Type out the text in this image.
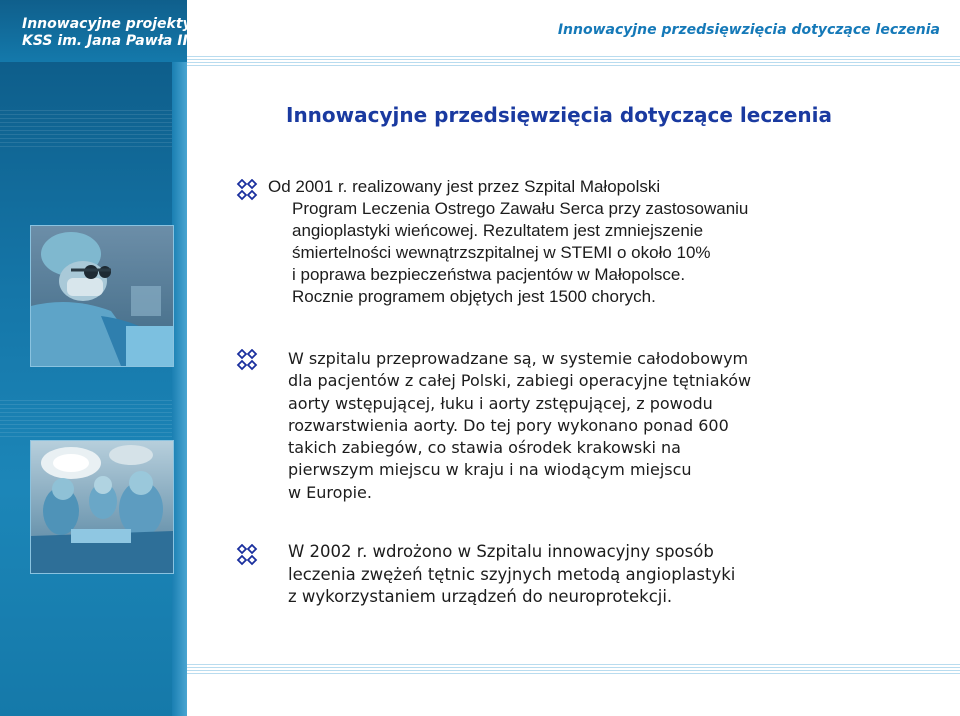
Innowacyjne projekty
KSS im. Jana Pawła II
Innowacyjne przedsięwzięcia dotyczące leczenia
Innowacyjne przedsięwzięcia dotyczące leczenia
Od 2001 r. realizowany jest przez Szpital Małopolski
Program Leczenia Ostrego Zawału Serca przy zastosowaniu
angioplastyki wieńcowej. Rezultatem jest zmniejszenie
śmiertelności wewnątrzszpitalnej w STEMI o około 10%
i poprawa bezpieczeństwa pacjentów w Małopolsce.
Rocznie programem objętych jest 1500 chorych.
W szpitalu przeprowadzane są, w systemie całodobowym
dla pacjentów z całej Polski, zabiegi operacyjne tętniaków
aorty wstępującej, łuku i aorty zstępującej, z powodu
rozwarstwienia aorty. Do tej pory wykonano ponad 600
takich zabiegów, co stawia ośrodek krakowski na
pierwszym miejscu w kraju i na wiodącym miejscu
w Europie.
W 2002 r. wdrożono w Szpitalu innowacyjny sposób
leczenia zwężeń tętnic szyjnych metodą angioplastyki
z wykorzystaniem urządzeń do neuroprotekcji.
